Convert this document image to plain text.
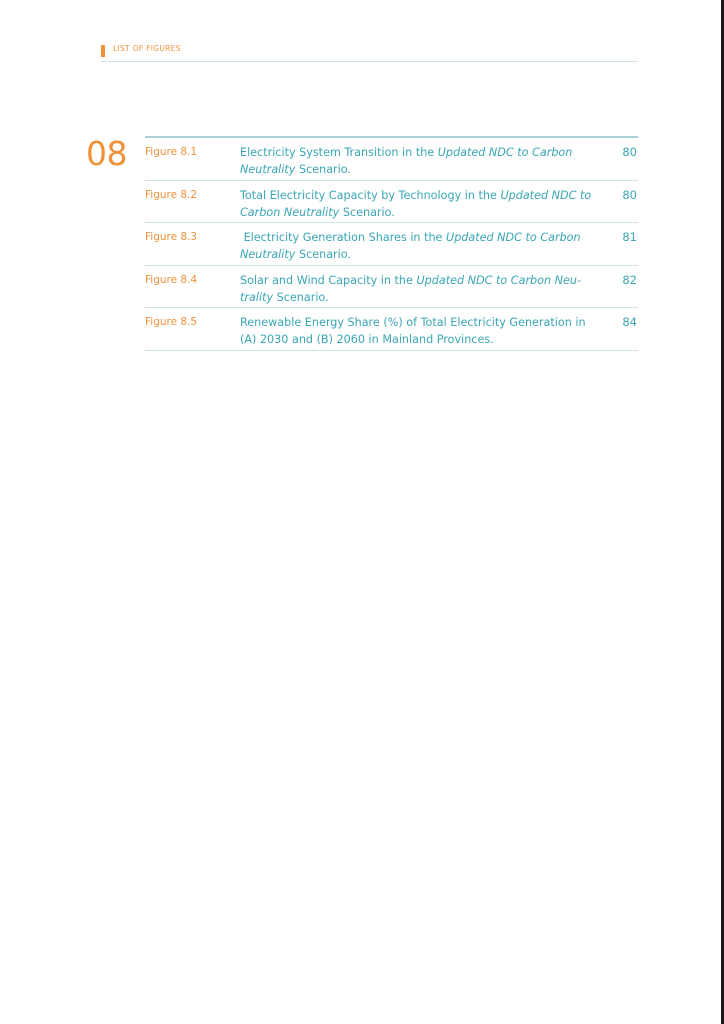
LIST OF FIGURES
08 Figure 8.1	Electricity System Transition in the Updated NDC to Carbon Neutrality Scenario.
80
Figure 8.2	Total Electricity Capacity by Technology in the Updated NDC to Carbon Neutrality Scenario.
80
Figure 8.3	Electricity Generation Shares in the Updated NDC to Carbon Neutrality Scenario.
81
Figure 8.4	Solar and Wind Capacity in the Updated NDC to Carbon Neu-trality Scenario.
82
Figure 8.5	Renewable Energy Share (%) of Total Electricity Generation in (A) 2030 and (B) 2060 in Mainland Provinces.
84
